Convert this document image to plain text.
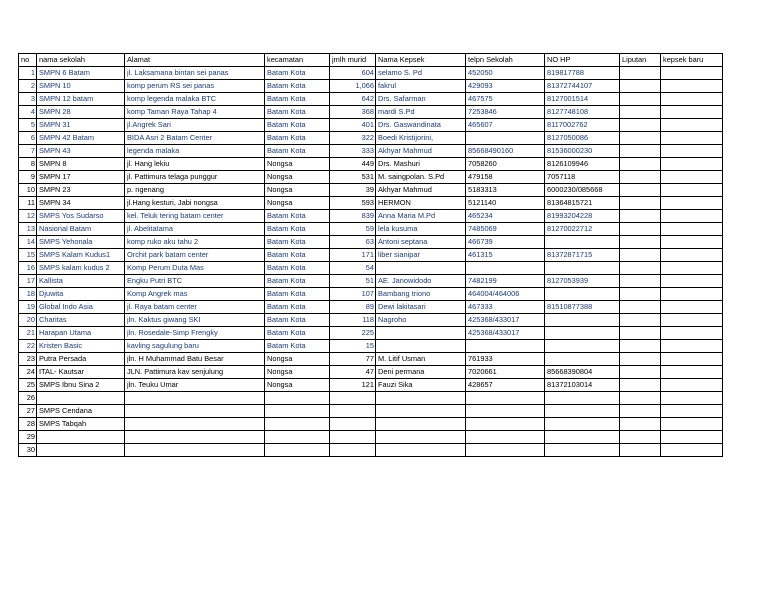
no	nama sekolah	Alamat	kecamatan	jmlh murid	Nama Kepsek	telpn Sekolah	NO HP	Liputan	kepsek baru
1	SMPN 6 Batam	jl. Laksamana bintan sei panas	Batam Kota	604	selamo S. Pd	452050	819817788		
2	SMPN 10	komp perum RS sei panas	Batam Kota	1,066	fakrul	429093	81372744107		
3	SMPN 12 batam	komp legenda malaka BTC	Batam Kota	642	Drs. Safarman	467575	8127001514		
4	SMPN 28	komp Taman Raya Tahap 4	Batam Kota	368	mardi S.Pd	7253846	8127748108		
5	SMPN 31	jl.Angrek Sari	Batam Kota	401	Drs. Gaswandinata	465607	8117002762		
6	SMPN 42 Batam	BIDA Asri 2 Batam Center	Batam Kota	322	Boedi Kristijorini,		8127050086		
7	SMPN 43	legenda malaka	Batam Kota	333	Akhyar Mahmud	85668490160	81536000230		
8	SMPN 8	jl. Hang lekiu	Nongsa	449	Drs. Mashuri	7058260	8126109946		
9	SMPN 17	jl. Pattimura telaga punggur	Nongsa	531	M. saingpolan. S.Pd	479158	7057118		
10	SMPN 23	p. ngenang	Nongsa	39	Akhyar Mahmud	5183313	6000230/085668		
11	SMPN 34	jl.Hang kesturi, Jabi nongsa	Nongsa	593	HERMON	5121140	81364815721		
12	SMPS Yos Sudarso	kel. Teluk tering batam center	Batam Kota	839	Anna Maria M.Pd	465234	81993204228		
13	Nasional Batam	jl. Abelitatama	Batam Kota	59	lela kusuma	7485069	81270022712		
14	SMPS Yehonala	komp ruko aku tahu 2	Batam Kota	63	Antoni septana	466739			
15	SMPS Kalam Kudus1	Orchit park batam center	Batam Kota	171	liber sianipar	461315	81372871715		
16	SMPS kalam kudus 2	Komp Perum Duta Mas	Batam Kota	54					
17	Kallista	Engku Putri BTC	Batam Kota	51	AE. Janowidodo	7482199	8127053939		
18	Djuwita	Komp Angrek mas	Batam Kota	107	Bambang triono	464004/464006			
19	Global Indo Asia	jl. Raya batam center	Batam Kota	89	Dewi lakitasari	467333	81510877388		
20	Charitas	jln. Kaktus giwang SKI	Batam Kota	118	Nagroho	425368/433017			
21	Harapan Utama	jln. Rosedale-Simp Frengky	Batam Kota	225		425368/433017			
22	Kristen Basic	kavling sagulung baru	Batam Kota	15					
23	Putra Persada	jln. H Muhammad Batu Besar	Nongsa	77	M. Litif Usman	761933			
24	ITAL- Kautsar	JLN. Pattimura kav senjulung	Nongsa	47	Deni permana	7020661	85668390804		
25	SMPS Ibnu Sina 2	jln. Teuku Umar	Nongsa	121	Fauzi Sika	428657	81372103014		
26									
27	SMPS Cendana								
28	SMPS Tabqah								
29									
30									
